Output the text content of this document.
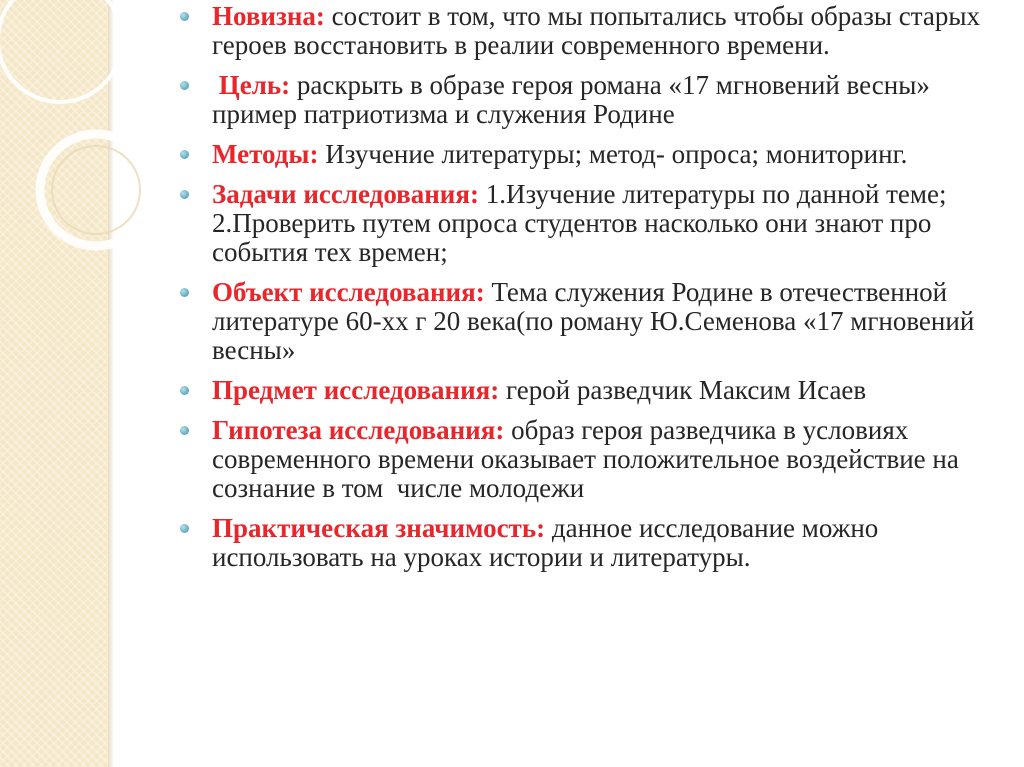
Новизна: состоит в том, что мы попытались чтобы образы старых героев восстановить в реалии современного времени.
Цель: раскрыть в образе героя романа «17 мгновений весны» пример патриотизма и служения Родине
Методы: Изучение литературы; метод- опроса; мониторинг.
Задачи исследования: 1.Изучение литературы по данной теме; 2.Проверить путем опроса студентов насколько они знают про события тех времен;
Объект исследования: Тема служения Родине в отечественной литературе 60-хх г 20 века(по роману Ю.Семенова «17 мгновений весны»
Предмет исследования: герой разведчик Максим Исаев
Гипотеза исследования: образ героя разведчика в условиях современного времени оказывает положительное воздействие на сознание в том  числе молодежи
Практическая значимость: данное исследование можно использовать на уроках истории и литературы.
